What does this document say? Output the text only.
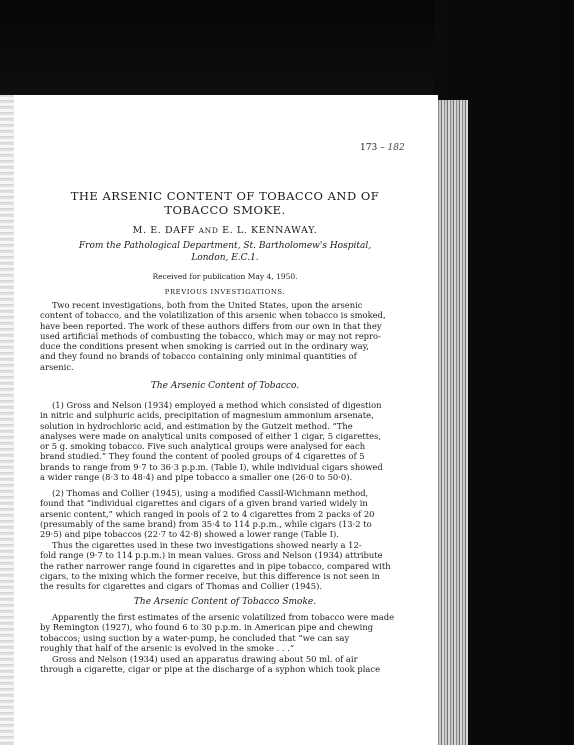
173 – 182
THE ARSENIC CONTENT OF TOBACCO AND OF
TOBACCO SMOKE.
M. E. DAFF AND E. L. KENNAWAY.
From the Pathological Department, St. Bartholomew's Hospital,
London, E.C.1.
Received for publication May 4, 1950.
PREVIOUS INVESTIGATIONS.
Two recent investigations, both from the United States, upon the arsenic
content of tobacco, and the volatilization of this arsenic when tobacco is smoked,
have been reported. The work of these authors differs from our own in that they
used artificial methods of combusting the tobacco, which may or may not repro-
duce the conditions present when smoking is carried out in the ordinary way,
and they found no brands of tobacco containing only minimal quantities of
arsenic.
The Arsenic Content of Tobacco.
(1) Gross and Nelson (1934) employed a method which consisted of digestion
in nitric and sulphuric acids, precipitation of magnesium ammonium arsenate,
solution in hydrochloric acid, and estimation by the Gutzeit method. “The
analyses were made on analytical units composed of either 1 cigar, 5 cigarettes,
or 5 g. smoking tobacco. Five such analytical groups were analysed for each
brand studied.” They found the content of pooled groups of 4 cigarettes of 5
brands to range from 9·7 to 36·3 p.p.m. (Table I), while individual cigars showed
a wider range (8·3 to 48·4) and pipe tobacco a smaller one (26·0 to 50·0).
(2) Thomas and Collier (1945), using a modified Cassil-Wichmann method,
found that “individual cigarettes and cigars of a given brand varied widely in
arsenic content,” which ranged in pools of 2 to 4 cigarettes from 2 packs of 20
(presumably of the same brand) from 35·4 to 114 p.p.m., while cigars (13·2 to
29·5) and pipe tobaccos (22·7 to 42·8) showed a lower range (Table I).
Thus the cigarettes used in these two investigations showed nearly a 12-
fold range (9·7 to 114 p.p.m.) in mean values. Gross and Nelson (1934) attribute
the rather narrower range found in cigarettes and in pipe tobacco, compared with
cigars, to the mixing which the former receive, but this difference is not seen in
the results for cigarettes and cigars of Thomas and Collier (1945).
The Arsenic Content of Tobacco Smoke.
Apparently the first estimates of the arsenic volatilized from tobacco were made
by Remington (1927), who found 6 to 30 p.p.m. in American pipe and chewing
tobaccos; using suction by a water-pump, he concluded that “we can say
roughly that half of the arsenic is evolved in the smoke . . .”
Gross and Nelson (1934) used an apparatus drawing about 50 ml. of air
through a cigarette, cigar or pipe at the discharge of a syphon which took place
